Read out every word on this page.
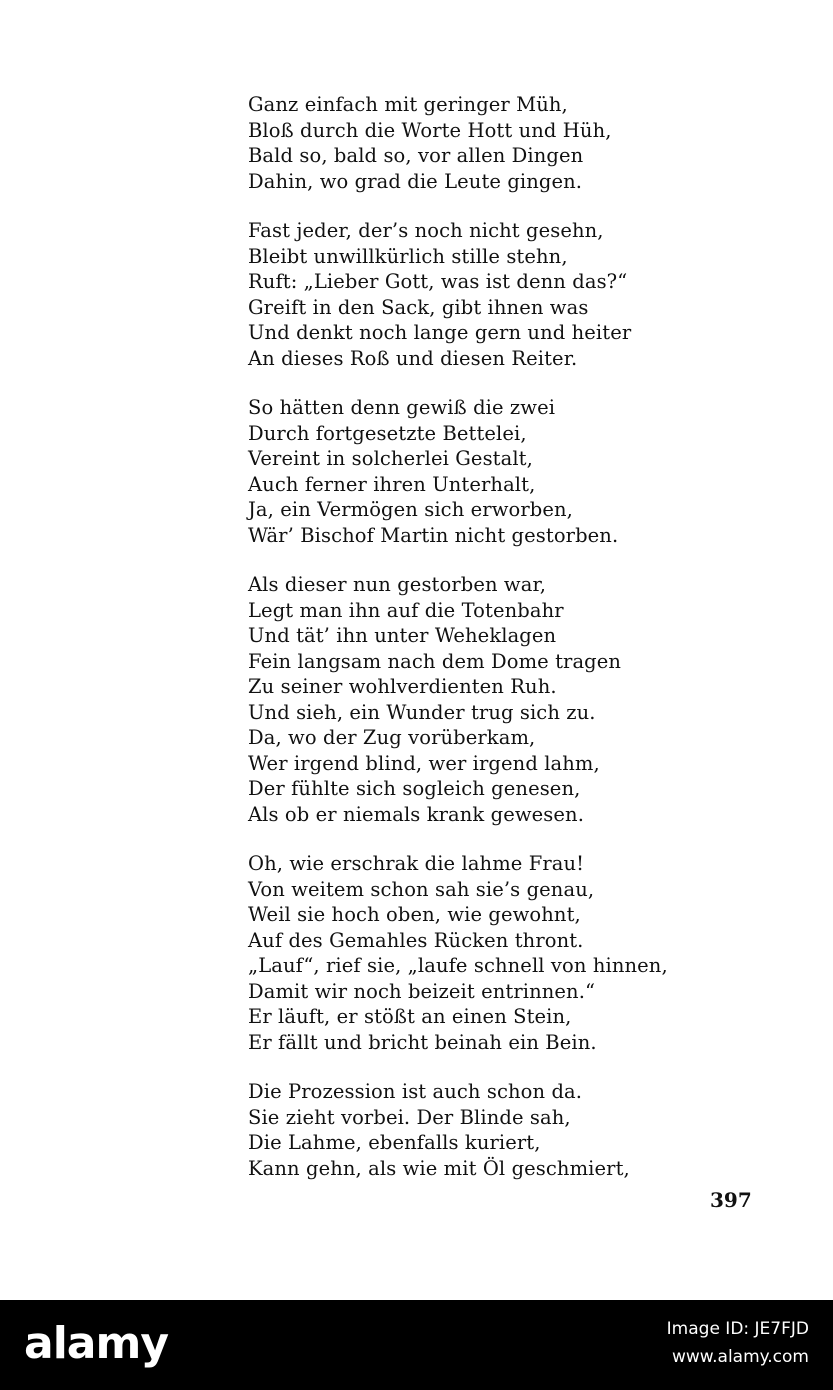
Ganz einfach mit geringer Müh,
Bloß durch die Worte Hott und Hüh,
Bald so, bald so, vor allen Dingen
Dahin, wo grad die Leute gingen.
Fast jeder, der’s noch nicht gesehn,
Bleibt unwillkürlich stille stehn,
Ruft: „Lieber Gott, was ist denn das?“
Greift in den Sack, gibt ihnen was
Und denkt noch lange gern und heiter
An dieses Roß und diesen Reiter.
So hätten denn gewiß die zwei
Durch fortgesetzte Bettelei,
Vereint in solcherlei Gestalt,
Auch ferner ihren Unterhalt,
Ja, ein Vermögen sich erworben,
Wär’ Bischof Martin nicht gestorben.
Als dieser nun gestorben war,
Legt man ihn auf die Totenbahr
Und tät’ ihn unter Weheklagen
Fein langsam nach dem Dome tragen
Zu seiner wohlverdienten Ruh.
Und sieh, ein Wunder trug sich zu.
Da, wo der Zug vorüberkam,
Wer irgend blind, wer irgend lahm,
Der fühlte sich sogleich genesen,
Als ob er niemals krank gewesen.
Oh, wie erschrak die lahme Frau!
Von weitem schon sah sie’s genau,
Weil sie hoch oben, wie gewohnt,
Auf des Gemahles Rücken thront.
„Lauf“, rief sie, „laufe schnell von hinnen,
Damit wir noch beizeit entrinnen.“
Er läuft, er stößt an einen Stein,
Er fällt und bricht beinah ein Bein.
Die Prozession ist auch schon da.
Sie zieht vorbei. Der Blinde sah,
Die Lahme, ebenfalls kuriert,
Kann gehn, als wie mit Öl geschmiert,
397
alamy	Image ID: JE7FJD
www.alamy.com
